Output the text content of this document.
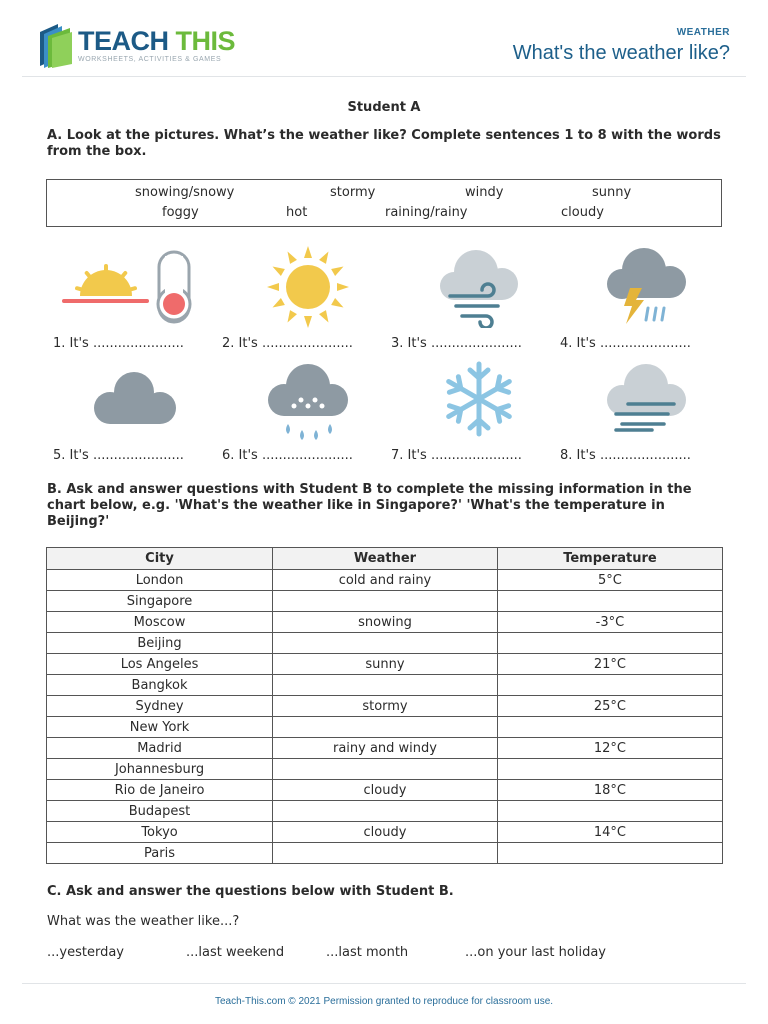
TEACH THIS
WORKSHEETS, ACTIVITIES & GAMES
WEATHER
What's the weather like?
Student A
A. Look at the pictures. What’s the weather like? Complete sentences 1 to 8 with the words from the box.
snowing/snowy	stormy	windy	sunny
foggy	hot	raining/rainy	cloudy
1. It's ......................	2. It's ......................	3. It's ......................	4. It's ......................
5. It's ......................	6. It's ......................	7. It's ......................	8. It's ......................
B. Ask and answer questions with Student B to complete the missing information in the chart below, e.g. 'What's the weather like in Singapore?' 'What's the temperature in Beijing?'
City	Weather	Temperature
London	cold and rainy	5°C
Singapore		
Moscow	snowing	-3°C
Beijing		
Los Angeles	sunny	21°C
Bangkok		
Sydney	stormy	25°C
New York		
Madrid	rainy and windy	12°C
Johannesburg		
Rio de Janeiro	cloudy	18°C
Budapest		
Tokyo	cloudy	14°C
Paris		
C. Ask and answer the questions below with Student B.
What was the weather like...?
...yesterday	...last weekend	...last month	...on your last holiday
Teach-This.com © 2021 Permission granted to reproduce for classroom use.
